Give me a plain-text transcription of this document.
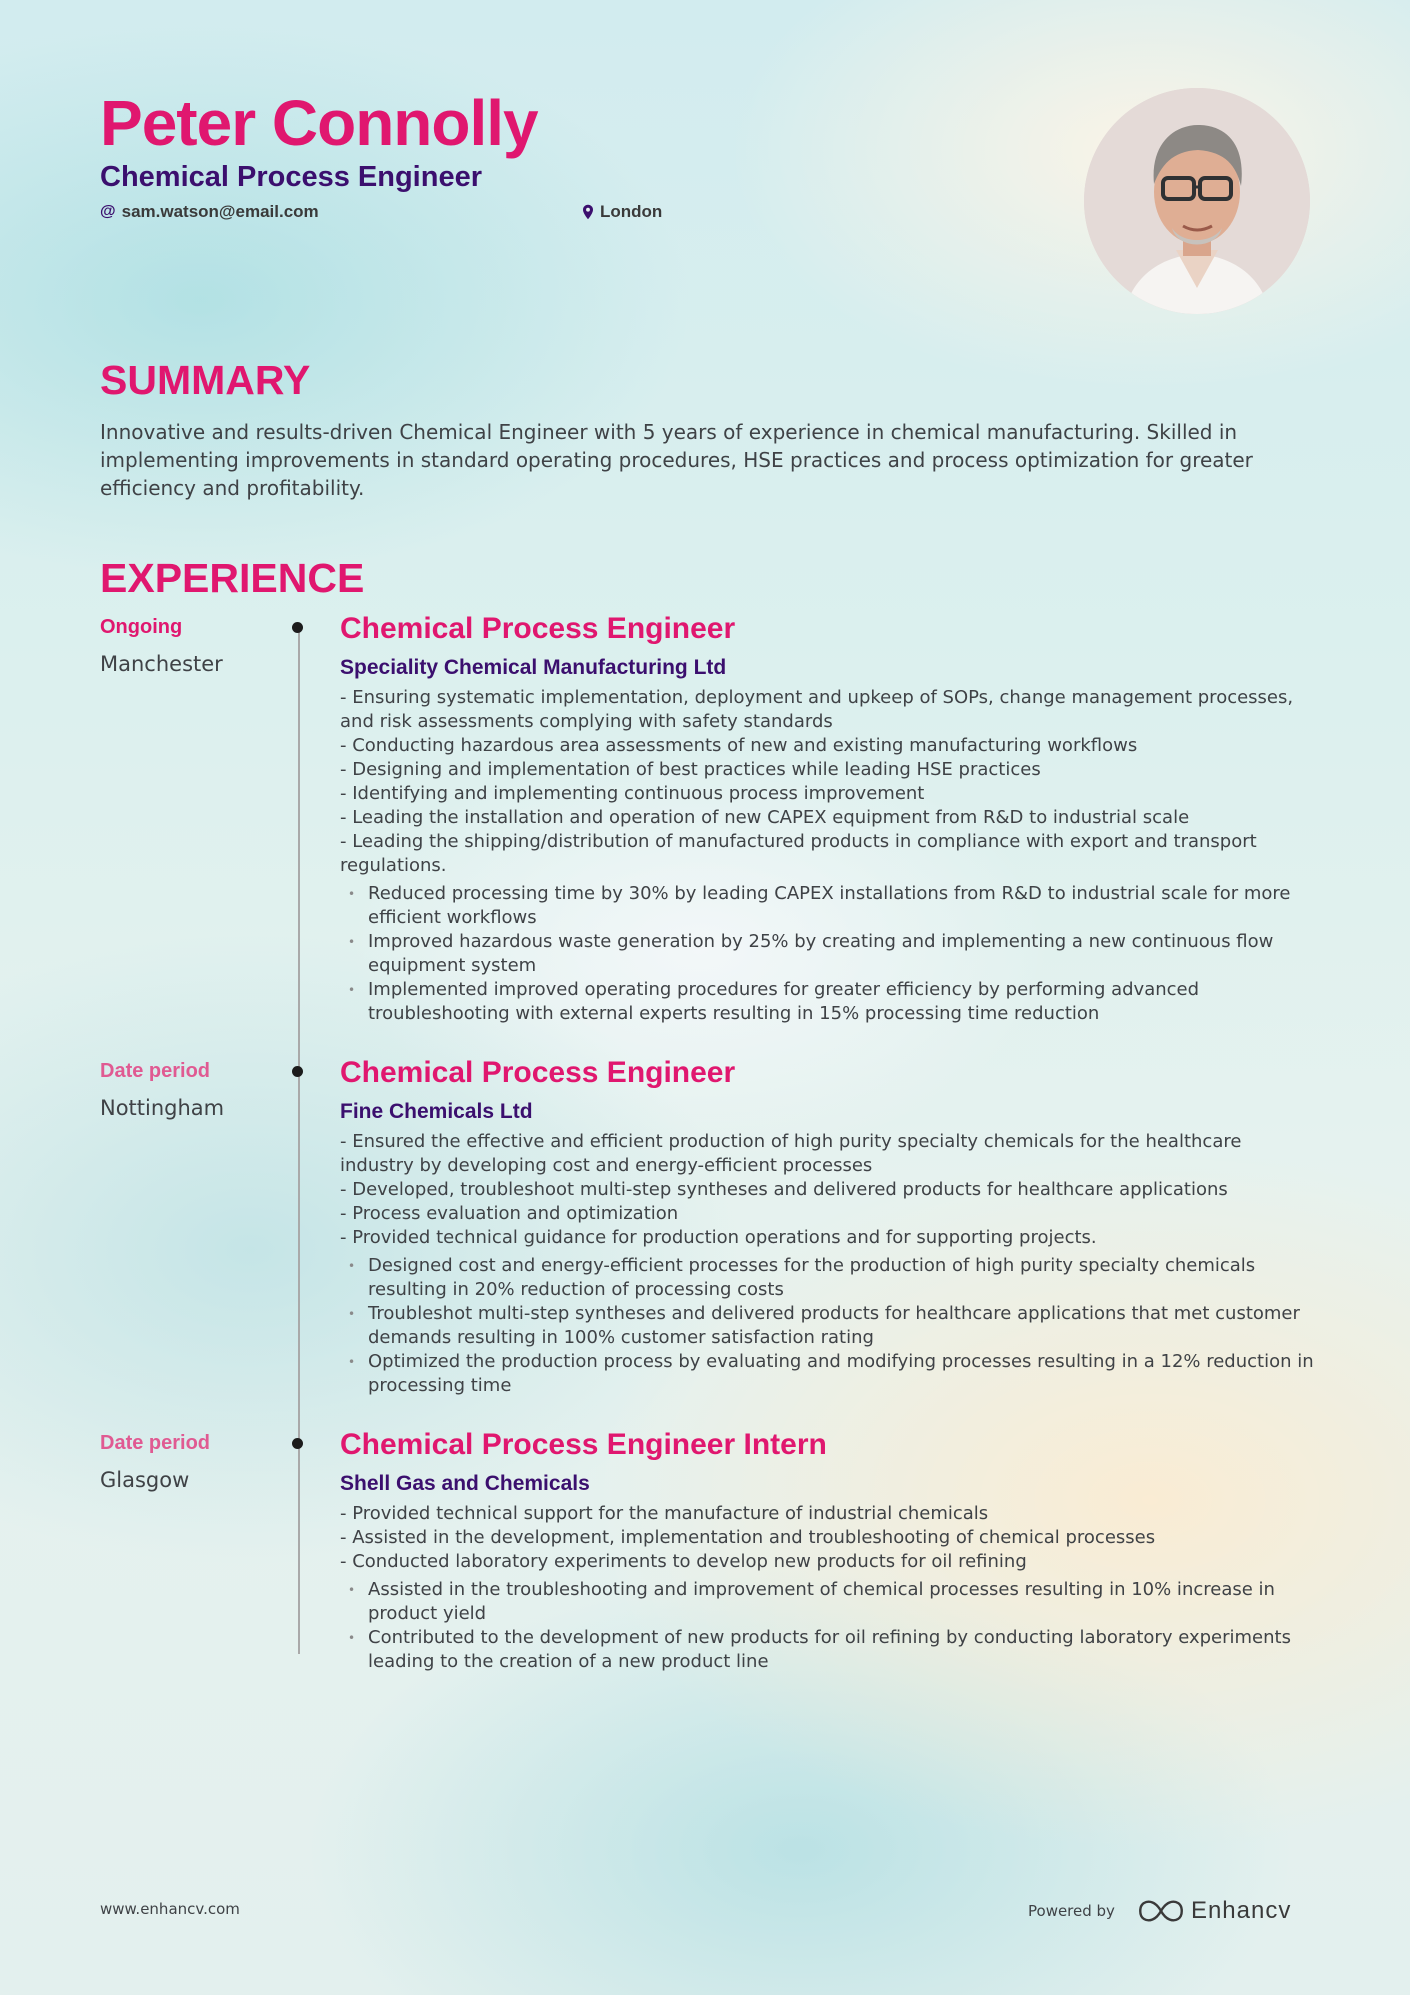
Peter Connolly
Chemical Process Engineer
@ sam.watson@email.com	London
SUMMARY

Innovative and results-driven Chemical Engineer with 5 years of experience in chemical manufacturing. Skilled in implementing improvements in standard operating procedures, HSE practices and process optimization for greater efficiency and profitability.

EXPERIENCE
Ongoing
Manchester
Chemical Process Engineer
Speciality Chemical Manufacturing Ltd
- Ensuring systematic implementation, deployment and upkeep of SOPs, change management processes, and risk assessments complying with safety standards
- Conducting hazardous area assessments of new and existing manufacturing workflows
- Designing and implementation of best practices while leading HSE practices
- Identifying and implementing continuous process improvement
- Leading the installation and operation of new CAPEX equipment from R&D to industrial scale
- Leading the shipping/distribution of manufactured products in compliance with export and transport regulations.
• Reduced processing time by 30% by leading CAPEX installations from R&D to industrial scale for more efficient workflows
• Improved hazardous waste generation by 25% by creating and implementing a new continuous flow equipment system
• Implemented improved operating procedures for greater efficiency by performing advanced troubleshooting with external experts resulting in 15% processing time reduction
Date period
Nottingham
Chemical Process Engineer
Fine Chemicals Ltd
- Ensured the effective and efficient production of high purity specialty chemicals for the healthcare industry by developing cost and energy-efficient processes
- Developed, troubleshoot multi-step syntheses and delivered products for healthcare applications
- Process evaluation and optimization
- Provided technical guidance for production operations and for supporting projects.
• Designed cost and energy-efficient processes for the production of high purity specialty chemicals resulting in 20% reduction of processing costs
• Troubleshot multi-step syntheses and delivered products for healthcare applications that met customer demands resulting in 100% customer satisfaction rating
• Optimized the production process by evaluating and modifying processes resulting in a 12% reduction in processing time
Date period
Glasgow
Chemical Process Engineer Intern
Shell Gas and Chemicals
- Provided technical support for the manufacture of industrial chemicals
- Assisted in the development, implementation and troubleshooting of chemical processes
- Conducted laboratory experiments to develop new products for oil refining
• Assisted in the troubleshooting and improvement of chemical processes resulting in 10% increase in product yield
• Contributed to the development of new products for oil refining by conducting laboratory experiments leading to the creation of a new product line
www.enhancv.com	Powered by	Enhancv
